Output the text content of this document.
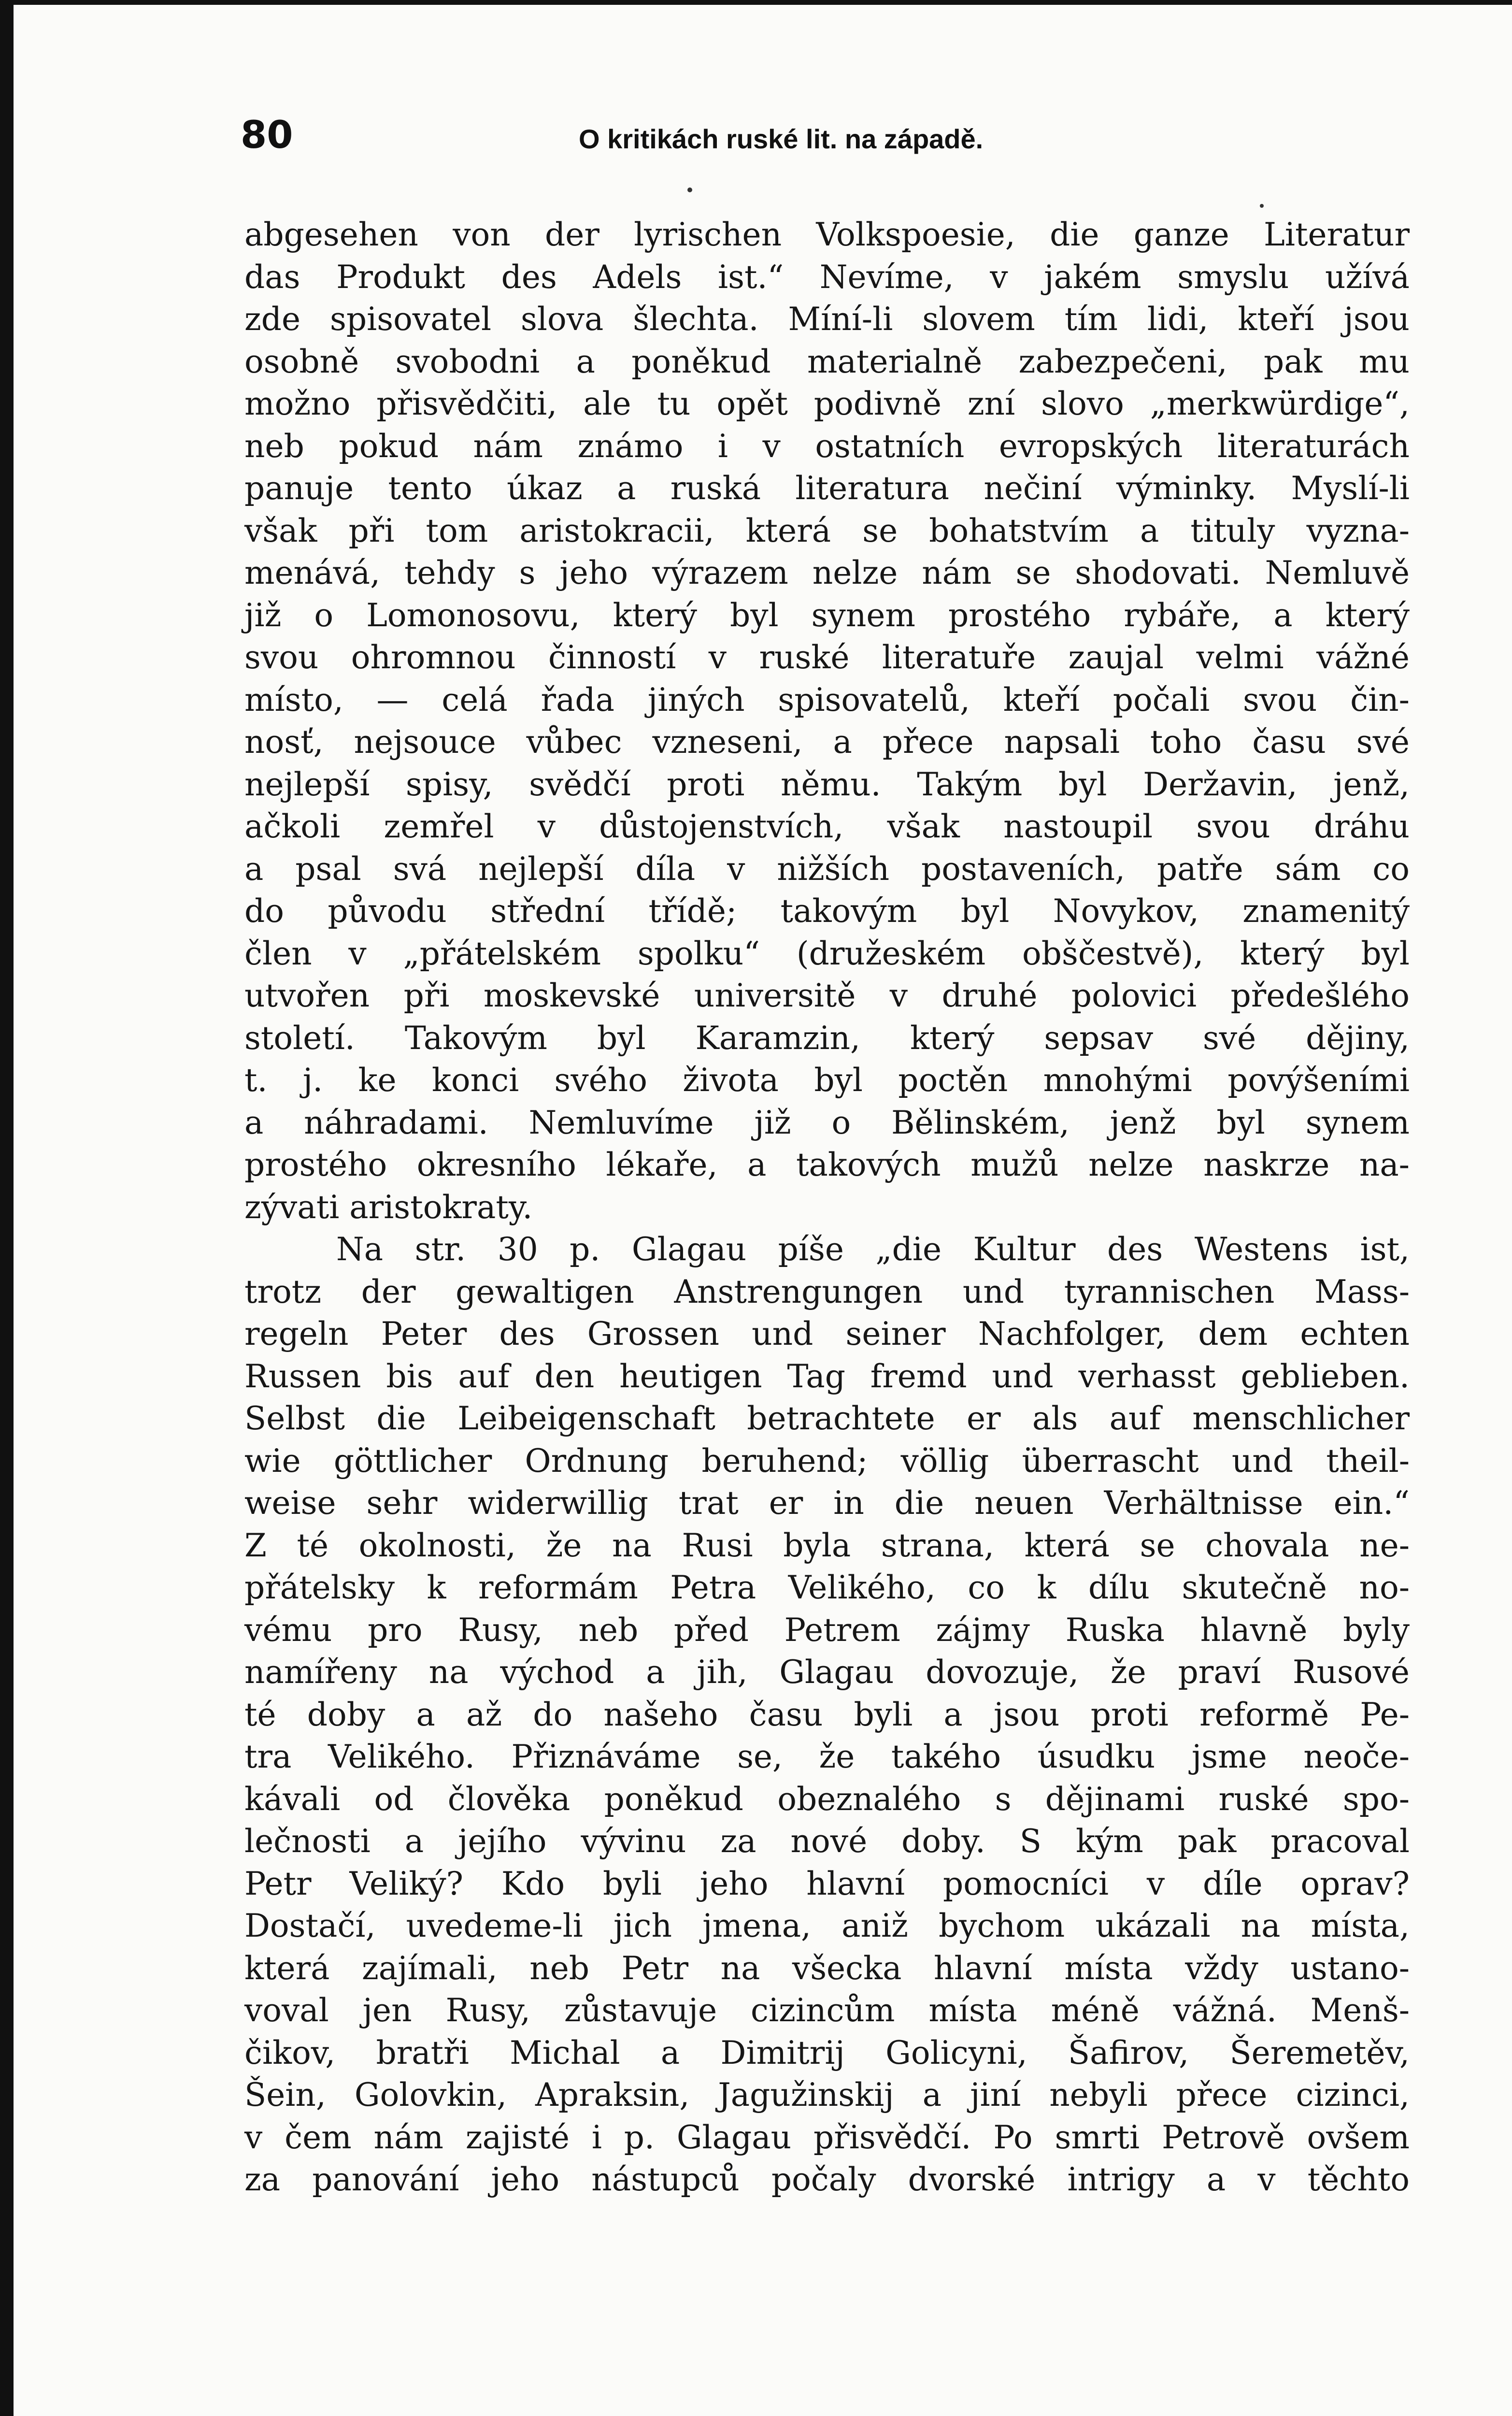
80	O kritikách ruské lit. na západě.
abgesehen von der lyrischen Volkspoesie, die ganze Literatur
das Produkt des Adels ist.“ Nevíme, v jakém smyslu užívá
zde spisovatel slova šlechta. Míní-li slovem tím lidi, kteří jsou
osobně svobodni a poněkud materialně zabezpečeni, pak mu
možno přisvědčiti, ale tu opět podivně zní slovo „merkwürdige“,
neb pokud nám známo i v ostatních evropských literaturách
panuje tento úkaz a ruská literatura nečiní výminky. Myslí-li
však při tom aristokracii, která se bohatstvím a tituly vyzna-
menává, tehdy s jeho výrazem nelze nám se shodovati. Nemluvě
již o Lomonosovu, který byl synem prostého rybáře, a který
svou ohromnou činností v ruské literatuře zaujal velmi vážné
místo, — celá řada jiných spisovatelů, kteří počali svou čin-
nosť, nejsouce vůbec vzneseni, a přece napsali toho času své
nejlepší spisy, svědčí proti němu. Takým byl Deržavin, jenž,
ačkoli zemřel v důstojenstvích, však nastoupil svou dráhu
a psal svá nejlepší díla v nižších postaveních, patře sám co
do původu střední třídě; takovým byl Novykov, znamenitý
člen v „přátelském spolku“ (družeském obščestvě), který byl
utvořen při moskevské universitě v druhé polovici předešlého
století. Takovým byl Karamzin, který sepsav své dějiny,
t. j. ke konci svého života byl poctěn mnohými povýšeními
a náhradami. Nemluvíme již o Bělinském, jenž byl synem
prostého okresního lékaře, a takových mužů nelze naskrze na-
zývati aristokraty.
Na str. 30 p. Glagau píše „die Kultur des Westens ist,
trotz der gewaltigen Anstrengungen und tyrannischen Mass-
regeln Peter des Grossen und seiner Nachfolger, dem echten
Russen bis auf den heutigen Tag fremd und verhasst geblieben.
Selbst die Leibeigenschaft betrachtete er als auf menschlicher
wie göttlicher Ordnung beruhend; völlig überrascht und theil-
weise sehr widerwillig trat er in die neuen Verhältnisse ein.“
Z té okolnosti, že na Rusi byla strana, která se chovala ne-
přátelsky k reformám Petra Velikého, co k dílu skutečně no-
vému pro Rusy, neb před Petrem zájmy Ruska hlavně byly
namířeny na východ a jih, Glagau dovozuje, že praví Rusové
té doby a až do našeho času byli a jsou proti reformě Pe-
tra Velikého. Přiznáváme se, že takého úsudku jsme neoče-
kávali od člověka poněkud obeznalého s dějinami ruské spo-
lečnosti a jejího vývinu za nové doby. S kým pak pracoval
Petr Veliký? Kdo byli jeho hlavní pomocníci v díle oprav?
Dostačí, uvedeme-li jich jmena, aniž bychom ukázali na místa,
která zajímali, neb Petr na všecka hlavní místa vždy ustano-
voval jen Rusy, zůstavuje cizincům místa méně vážná. Menš-
čikov, bratři Michal a Dimitrij Golicyni, Šafirov, Šeremetěv,
Šein, Golovkin, Apraksin, Jagužinskij a jiní nebyli přece cizinci,
v čem nám zajisté i p. Glagau přisvědčí. Po smrti Petrově ovšem
za panování jeho nástupců počaly dvorské intrigy a v těchto
